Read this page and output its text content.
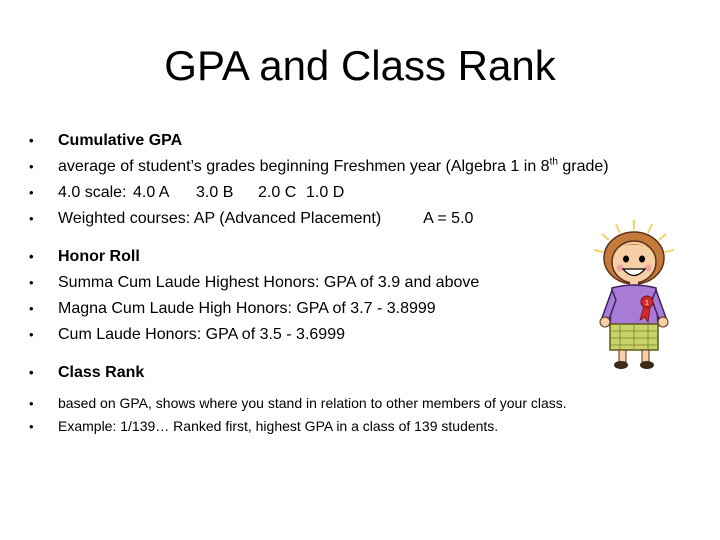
GPA and Class Rank
• Cumulative GPA
• average of student’s grades beginning Freshmen year (Algebra 1 in 8th grade)
• 4.0 scale: 4.0 A 3.0 B 2.0 C 1.0 D
• Weighted courses: AP (Advanced Placement)	A = 5.0
• Honor Roll
• Summa Cum Laude Highest Honors: GPA of 3.9 and above
• Magna Cum Laude High Honors: GPA of 3.7 - 3.8999
• Cum Laude Honors: GPA of 3.5 - 3.6999
• Class Rank
• based on GPA, shows where you stand in relation to other members of your class.
• Example: 1/139… Ranked first, highest GPA in a class of 139 students.
1
